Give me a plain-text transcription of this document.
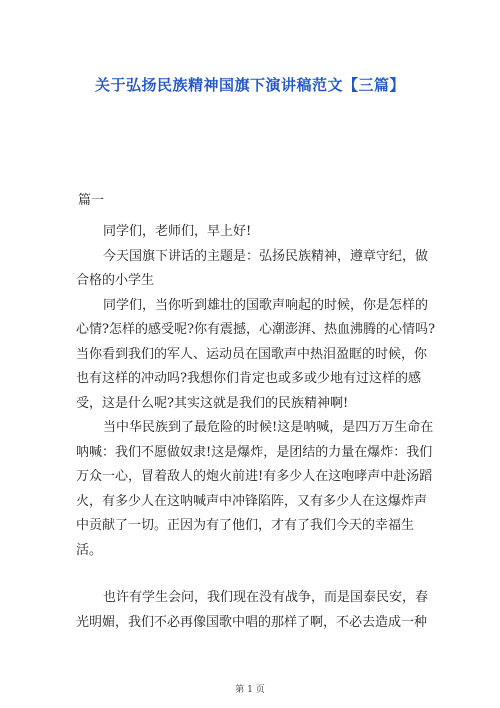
关于弘扬民族精神国旗下演讲稿范文【三篇】
篇一

同学们，老师们，早上好!

今天国旗下讲话的主题是：弘扬民族精神，遵章守纪，做合格的小学生

同学们，当你听到雄壮的国歌声响起的时候，你是怎样的心情?怎样的感受呢?你有震撼，心潮澎湃、热血沸腾的心情吗?当你看到我们的军人、运动员在国歌声中热泪盈眶的时候，你也有这样的冲动吗?我想你们肯定也或多或少地有过这样的感受，这是什么呢?其实这就是我们的民族精神啊!

当中华民族到了最危险的时候!这是呐喊，是四万万生命在呐喊：我们不愿做奴隶!这是爆炸，是团结的力量在爆炸：我们万众一心，冒着敌人的炮火前进!有多少人在这咆哮声中赴汤蹈火，有多少人在这呐喊声中冲锋陷阵，又有多少人在这爆炸声中贡献了一切。正因为有了他们，才有了我们今天的幸福生活。

也许有学生会问，我们现在没有战争，而是国泰民安，春光明媚，我们不必再像国歌中唱的那样了啊，不必去造成一种

第 1 页
